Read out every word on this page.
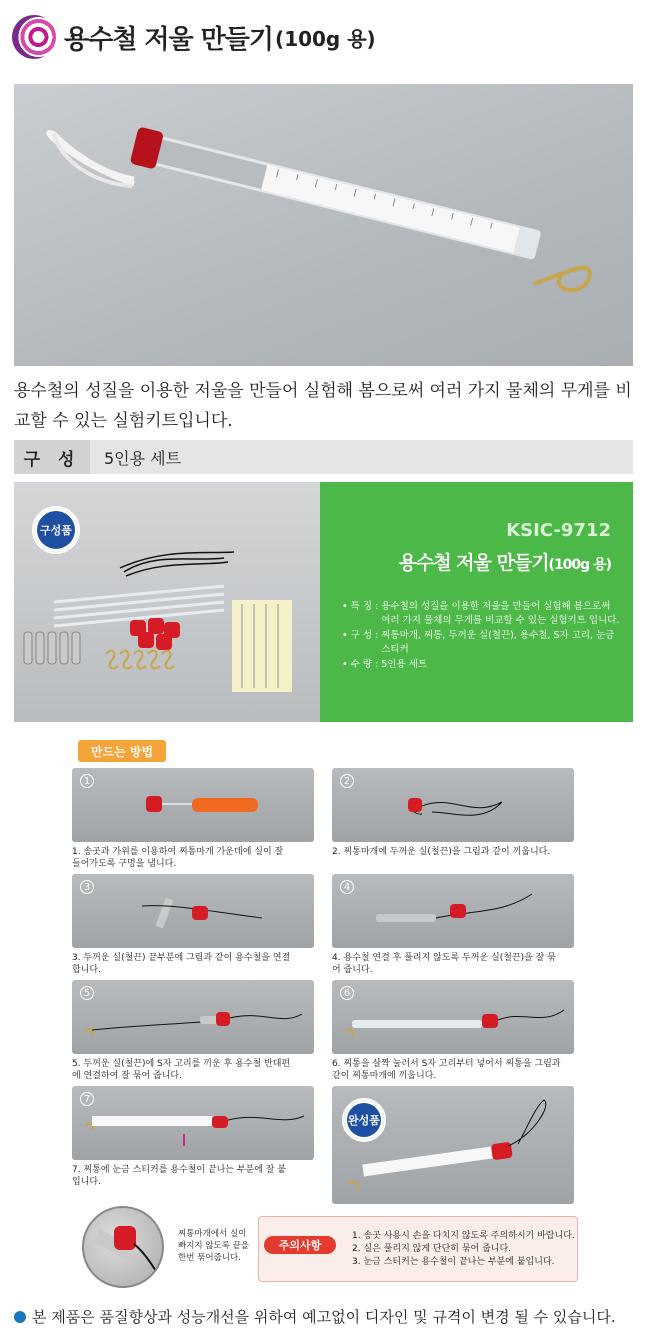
용수철 저울 만들기 (100g 용)
용수철의 성질을 이용한 저울을 만들어 실험해 봄으로써 여러 가지 물체의 무게를 비교할 수 있는 실험키트입니다.
구 성	5인용 세트
구성품	KSIC-9712
용수철 저울 만들기(100g 용)
• 특 징 : 용수철의 성질을 이용한 저울을 만들어 실험해 봄으로써 여러 가지 물체의 무게를 비교할 수 있는 실험키트 입니다.
• 구 성 : 찌통마개, 찌통, 두꺼운 실(철끈), 용수철, S자 고리, 눈금 스티커
• 수 량 : 5인용 세트
만드는 방법
1
1. 송곳과 가위를 이용하여 찌통마개 가운데에 실이 잘 들어가도록 구멍을 냅니다.
2
2. 찌통마개에 두꺼운 실(철끈)을 그림과 같이 끼웁니다.
3
3. 두꺼운 실(철끈) 끝부분에 그림과 같이 용수철을 연결합니다.
4
4. 용수철 연결 후 풀리지 않도록 두꺼운 실(철끈)을 잘 묶어 줍니다.
5
5. 두꺼운 실(철끈)에 S자 고리를 끼운 후 용수철 반대편에 연결하여 잘 묶어 줍니다.
6
6. 찌통을 살짝 눌러서 S자 고리부터 넣어서 찌통을 그림과 같이 찌통마개에 끼웁니다.
7
7. 찌통에 눈금 스티커를 용수철이 끝나는 부분에 잘 붙입니다.
완성품
찌통마개에서 실이 빠지지 않도록 끝을 한번 묶어줍니다.
주의사항
1. 송곳 사용시 손을 다치지 않도록 주의하시기 바랍니다.
2. 실은 풀리지 않게 단단히 묶어 줍니다.
3. 눈금 스티커는 용수철이 끝나는 부분에 붙입니다.
본 제품은 품질향상과 성능개선을 위하여 예고없이 디자인 및 규격이 변경 될 수 있습니다.
